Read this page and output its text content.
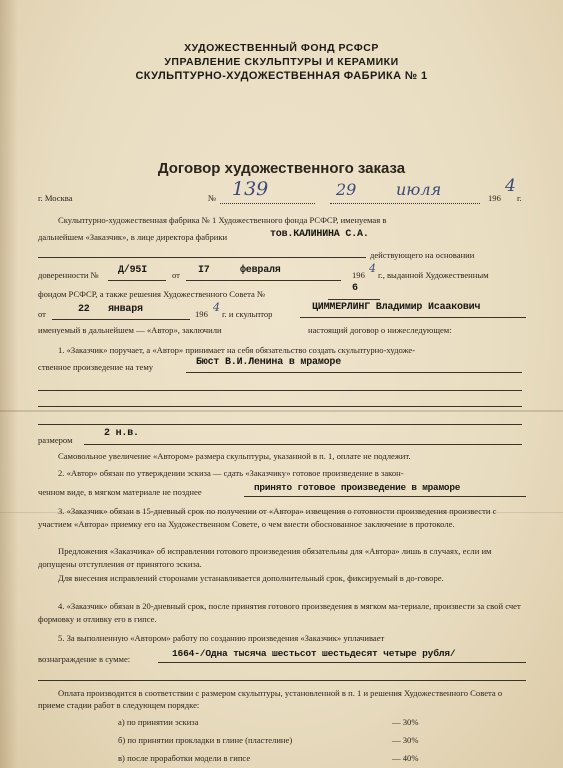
ХУДОЖЕСТВЕННЫЙ ФОНД РСФСР
УПРАВЛЕНИЕ СКУЛЬПТУРЫ И КЕРАМИКИ
СКУЛЬПТУРНО-ХУДОЖЕСТВЕННАЯ ФАБРИКА № 1
Договор художественного заказа
г. Москва	№ 139	29 июля	196
4
г.
Скульптурно-художественная фабрика № 1 Художественного фонда РСФСР, именуемая в
дальнейшем «Заказчик», в лице директора фабрики	тов.КАЛИНИНА С.А.
действующего на основании
доверенности № Д/95I	от I7	февраля	196 4 г., выданной Художественным
фондом РСФСР, а также решения Художественного Совета №	6
от	22 января	196 4 г. и скульптор
ЦИММЕРЛИНГ Владимир Исаакович
именуемый в дальнейшем — «Автор», заключили	настоящий договор о нижеследующем:
1. «Заказчик» поручает, а «Автор» принимает на себя обязательство создать скульптурно-художе-
ственное произведение на тему	Бюст В.И.Ленина в мраморе
размером
2 н.в.
Самовольное увеличение «Автором» размера скульптуры, указанной в п. 1, оплате не подлежит.
2. «Автор» обязан по утверждении эскиза — сдать «Заказчику» готовое произведение в закон-
ченном виде, в мягком материале не позднее	принято готовое произведение в мраморе
3. «Заказчик» обязан в 15-дневный срок по получении от «Автора» извещения о готовности произведения произвести с участием «Автора» приемку его на Художественном Совете, о чем внести обоснованное заключение в протоколе.
Предложения «Заказчика» об исправлении готового произведения обязательны для «Автора» лишь в случаях, если им допущены отступления от принятого эскиза.
Для внесения исправлений сторонами устанавливается дополнительный срок, фиксируемый в до-говоре.
4. «Заказчик» обязан в 20-дневный срок, после принятия готового произведения в мягком ма-териале, произвести за свой счет формовку и отливку его в гипсе.
5. За выполненную «Автором» работу по созданию произведения «Заказчик» уплачивает
вознаграждение в сумме:	1664-/Одна тысяча шестьсот шестьдесят четыре рубля/
Оплата производится в соответствии с размером скульптуры, установленной в п. 1 и решения Художественного Совета о приеме стадии работ в следующем порядке:
а) по принятии эскиза	— 30%
б) по принятии прокладки в глине (пластелине)	— 30%
в) после проработки модели в гипсе	— 40%
